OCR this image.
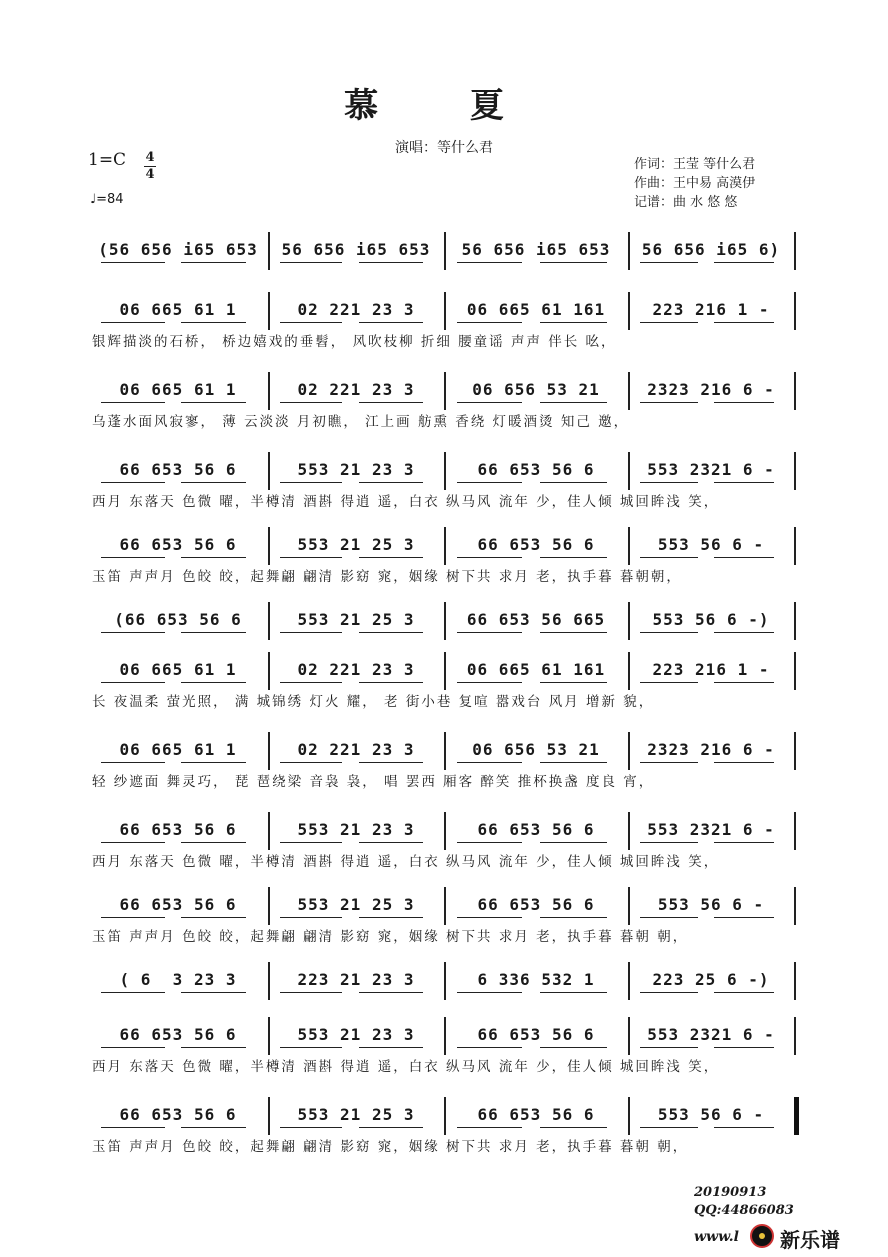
慕 夏
演唱：等什么君
1=C 4
4
♩=84
作词：王莹 等什么君
作曲：王中易 高漠伊
记谱：曲 水 悠 悠
(56 656 i65 653	56 656 i65 653	56 656 i65 653	56 656 i65 6)
06 665 61 1	02 221 23 3	06 665 61 161	223 216 1 -
银辉描淡的石桥， 桥边嬉戏的垂髫， 风吹枝柳 折细 腰童谣 声声 伴长 吆，
06 665 61 1	02 221 23 3	06 656 53 21	2323 216 6 -
乌蓬水面风寂寥， 薄 云淡淡 月初瞧， 江上画 舫熏 香绕 灯暖酒烫 知己 邀，
66 653 56 6	553 21 23 3	66 653 56 6	553 2321 6 -
西月 东落天 色微 曜，半樽清 酒斟 得逍 遥，白衣 纵马风 流年 少，佳人倾 城回眸浅 笑，
66 653 56 6	553 21 25 3	66 653 56 6	553 56 6 -
玉笛 声声月 色皎 皎，起舞翩 翩清 影窈 窕，姻缘 树下共 求月 老，执手暮 暮朝朝，
(66 653 56 6	553 21 25 3	66 653 56 665	553 56 6 -)
06 665 61 1	02 221 23 3	06 665 61 161	223 216 1 -
长 夜温柔 萤光照， 满 城锦绣 灯火 耀， 老 街小巷 复喧 嚣戏台 风月 增新 貌，
06 665 61 1	02 221 23 3	06 656 53 21	2323 216 6 -
轻 纱遮面 舞灵巧， 琵 琶绕梁 音袅 袅， 唱 罢西 厢客 醉笑 推杯换盏 度良 宵，
66 653 56 6	553 21 23 3	66 653 56 6	553 2321 6 -
西月 东落天 色微 曜，半樽清 酒斟 得逍 遥，白衣 纵马风 流年 少，佳人倾 城回眸浅 笑，
66 653 56 6	553 21 25 3	66 653 56 6	553 56 6 -
玉笛 声声月 色皎 皎，起舞翩 翩清 影窈 窕，姻缘 树下共 求月 老，执手暮 暮朝 朝，
( 6  3 23 3	223 21 23 3	6 336 532 1	223 25 6 -)
66 653 56 6	553 21 23 3	66 653 56 6	553 2321 6 -
西月 东落天 色微 曜，半樽清 酒斟 得逍 遥，白衣 纵马风 流年 少，佳人倾 城回眸浅 笑，
66 653 56 6	553 21 25 3	66 653 56 6	553 56 6 -
玉笛 声声月 色皎 皎，起舞翩 翩清 影窈 窕，姻缘 树下共 求月 老，执手暮 暮朝 朝，
20190913
QQ:44866083
www.l 新乐谱
